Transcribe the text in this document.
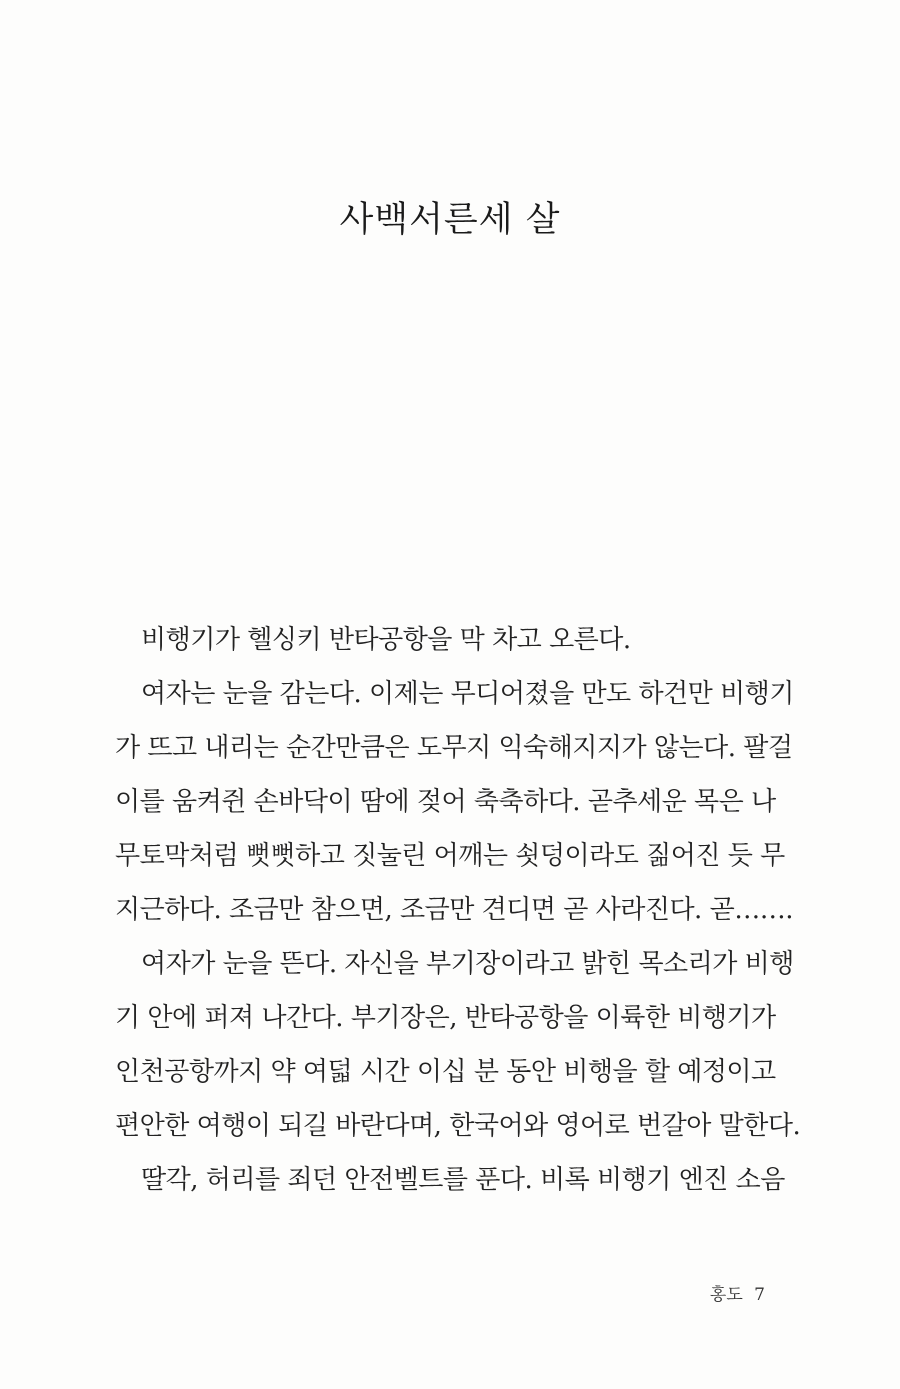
사백서른세 살
비행기가 헬싱키 반타공항을 막 차고 오른다.
여자는 눈을 감는다. 이제는 무디어졌을 만도 하건만 비행기
가 뜨고 내리는 순간만큼은 도무지 익숙해지지가 않는다. 팔걸
이를 움켜쥔 손바닥이 땀에 젖어 축축하다. 곧추세운 목은 나
무토막처럼 뻣뻣하고 짓눌린 어깨는 쇳덩이라도 짊어진 듯 무
지근하다. 조금만 참으면, 조금만 견디면 곧 사라진다. 곧…….
여자가 눈을 뜬다. 자신을 부기장이라고 밝힌 목소리가 비행
기 안에 퍼져 나간다. 부기장은, 반타공항을 이륙한 비행기가
인천공항까지 약 여덟 시간 이십 분 동안 비행을 할 예정이고
편안한 여행이 되길 바란다며, 한국어와 영어로 번갈아 말한다.
딸각, 허리를 죄던 안전벨트를 푼다. 비록 비행기 엔진 소음
홍도 7
